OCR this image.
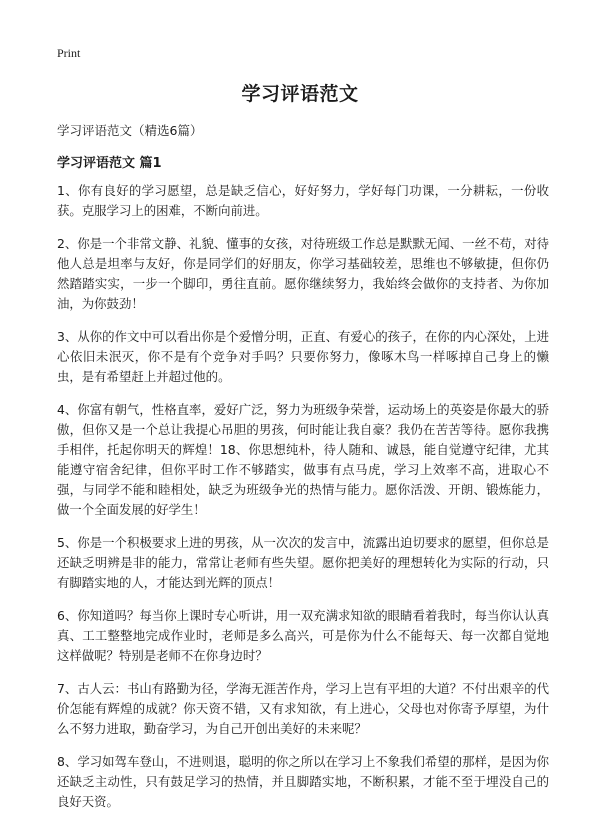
Print
学习评语范文

学习评语范文（精选6篇）

学习评语范文 篇1

1、你有良好的学习愿望，总是缺乏信心，好好努力，学好每门功课，一分耕耘，一份收获。克服学习上的困难，不断向前进。

2、你是一个非常文静、礼貌、懂事的女孩，对待班级工作总是默默无闻、一丝不苟，对待他人总是坦率与友好，你是同学们的好朋友，你学习基础较差，思维也不够敏捷，但你仍然踏踏实实，一步一个脚印，勇往直前。愿你继续努力，我始终会做你的支持者、为你加油，为你鼓劲！

3、从你的作文中可以看出你是个爱憎分明，正直、有爱心的孩子，在你的内心深处，上进心依旧未泯灭，你不是有个竞争对手吗？只要你努力，像啄木鸟一样啄掉自己身上的懒虫，是有希望赶上并超过他的。

4、你富有朝气，性格直率，爱好广泛，努力为班级争荣誉，运动场上的英姿是你最大的骄傲，但你又是一个总让我提心吊胆的男孩，何时能让我自豪？我仍在苦苦等待。愿你我携手相伴，托起你明天的辉煌！18、你思想纯朴，待人随和、诚恳，能自觉遵守纪律，尤其能遵守宿舍纪律，但你平时工作不够踏实，做事有点马虎，学习上效率不高，进取心不强，与同学不能和睦相处，缺乏为班级争光的热情与能力。愿你活泼、开朗、锻炼能力，做一个全面发展的好学生！

5、你是一个积极要求上进的男孩，从一次次的发言中，流露出迫切要求的愿望，但你总是还缺乏明辨是非的能力，常常让老师有些失望。愿你把美好的理想转化为实际的行动，只有脚踏实地的人，才能达到光辉的顶点！

6、你知道吗？每当你上课时专心听讲，用一双充满求知欲的眼睛看着我时，每当你认认真真、工工整整地完成作业时，老师是多么高兴，可是你为什么不能每天、每一次都自觉地这样做呢？特别是老师不在你身边时？

7、古人云：书山有路勤为径，学海无涯苦作舟，学习上岂有平坦的大道？不付出艰辛的代价怎能有辉煌的成就？你天资不错，又有求知欲，有上进心，父母也对你寄予厚望，为什么不努力进取，勤奋学习，为自己开创出美好的未来呢？

8、学习如驾车登山，不进则退，聪明的你之所以在学习上不象我们希望的那样，是因为你还缺乏主动性，只有鼓足学习的热情，并且脚踏实地，不断积累，才能不至于埋没自己的良好天资。
